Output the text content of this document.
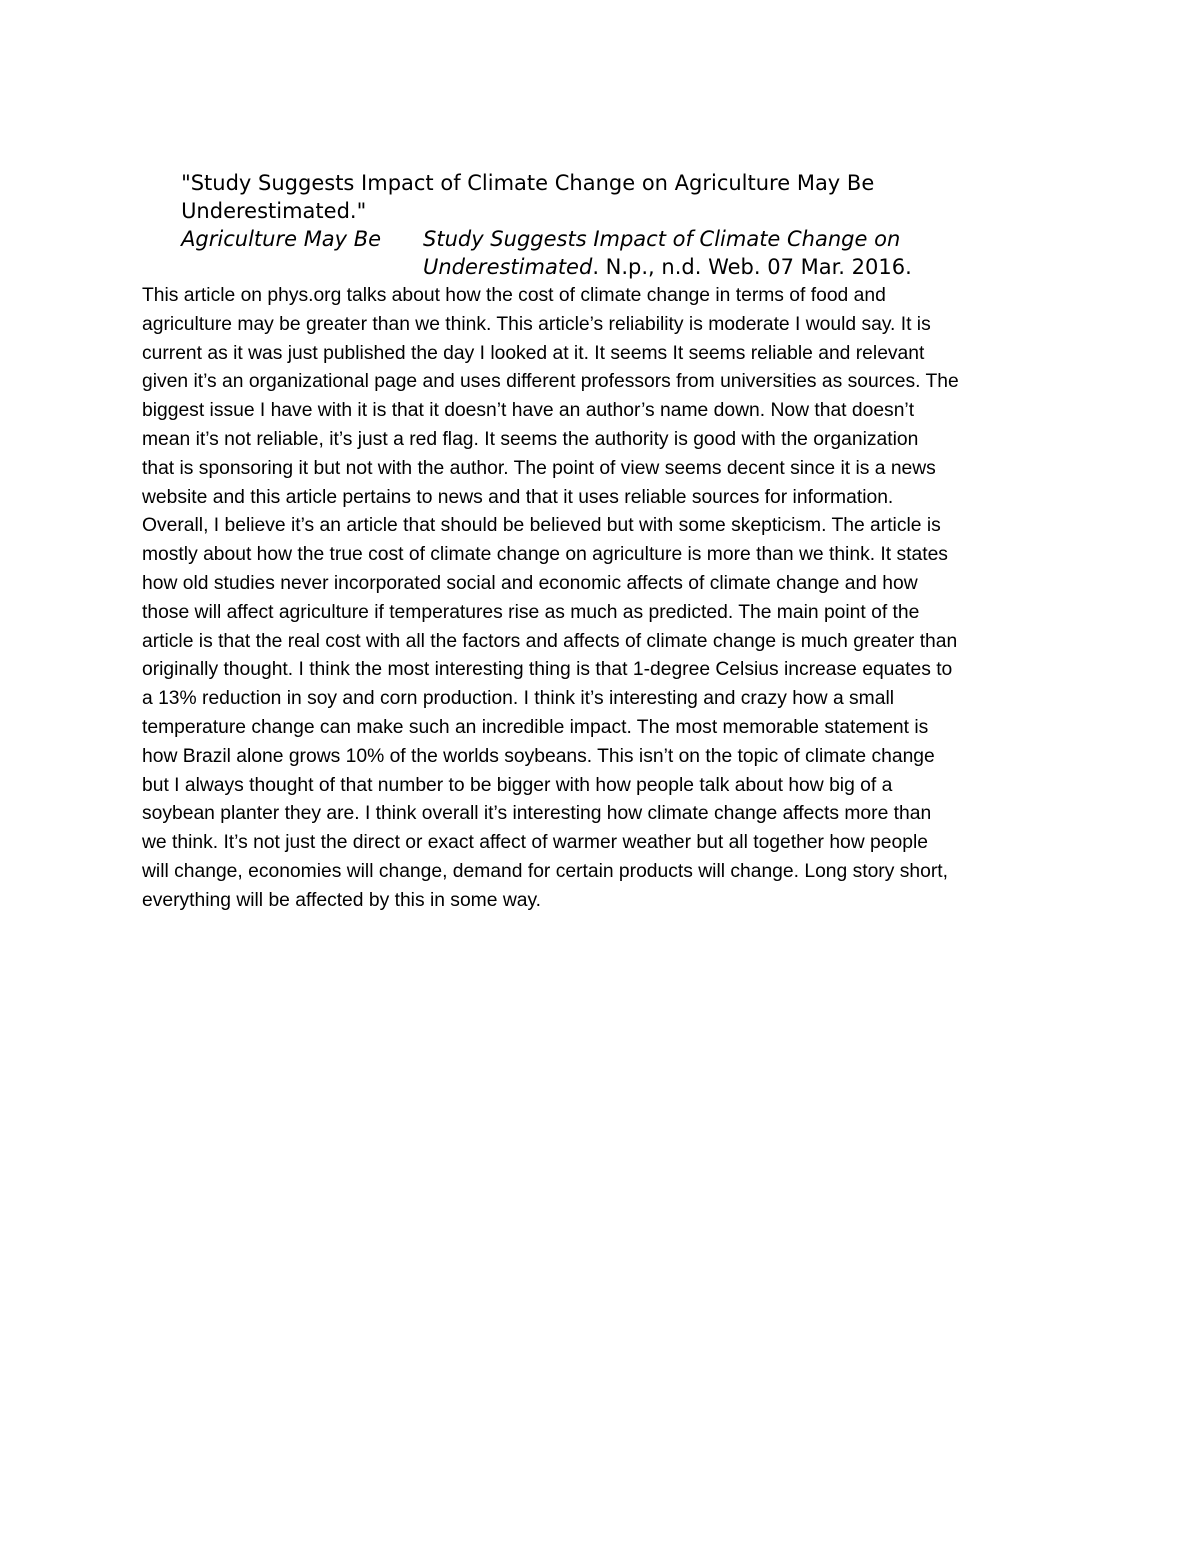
"Study Suggests Impact of Climate Change on Agriculture May Be

Underestimated."

Study Suggests Impact of Climate Change on

Agriculture May Be

Underestimated. N.p., n.d. Web. 07 Mar. 2016.

This article on phys.org talks about how the cost of climate change in terms of food and
agriculture may be greater than we think. This article’s reliability is moderate I would say. It is
current as it was just published the day I looked at it. It seems It seems reliable and relevant
given it’s an organizational page and uses different professors from universities as sources. The
biggest issue I have with it is that it doesn’t have an author’s name down. Now that doesn’t
mean it’s not reliable, it’s just a red flag. It seems the authority is good with the organization
that is sponsoring it but not with the author. The point of view seems decent since it is a news
website and this article pertains to news and that it uses reliable sources for information.
Overall, I believe it’s an article that should be believed but with some skepticism. The article is
mostly about how the true cost of climate change on agriculture is more than we think. It states
how old studies never incorporated social and economic affects of climate change and how
those will affect agriculture if temperatures rise as much as predicted. The main point of the
article is that the real cost with all the factors and affects of climate change is much greater than
originally thought. I think the most interesting thing is that 1-degree Celsius increase equates to
a 13% reduction in soy and corn production. I think it’s interesting and crazy how a small
temperature change can make such an incredible impact. The most memorable statement is
how Brazil alone grows 10% of the worlds soybeans. This isn’t on the topic of climate change
but I always thought of that number to be bigger with how people talk about how big of a
soybean planter they are. I think overall it’s interesting how climate change affects more than
we think. It’s not just the direct or exact affect of warmer weather but all together how people
will change, economies will change, demand for certain products will change. Long story short,
everything will be affected by this in some way.
